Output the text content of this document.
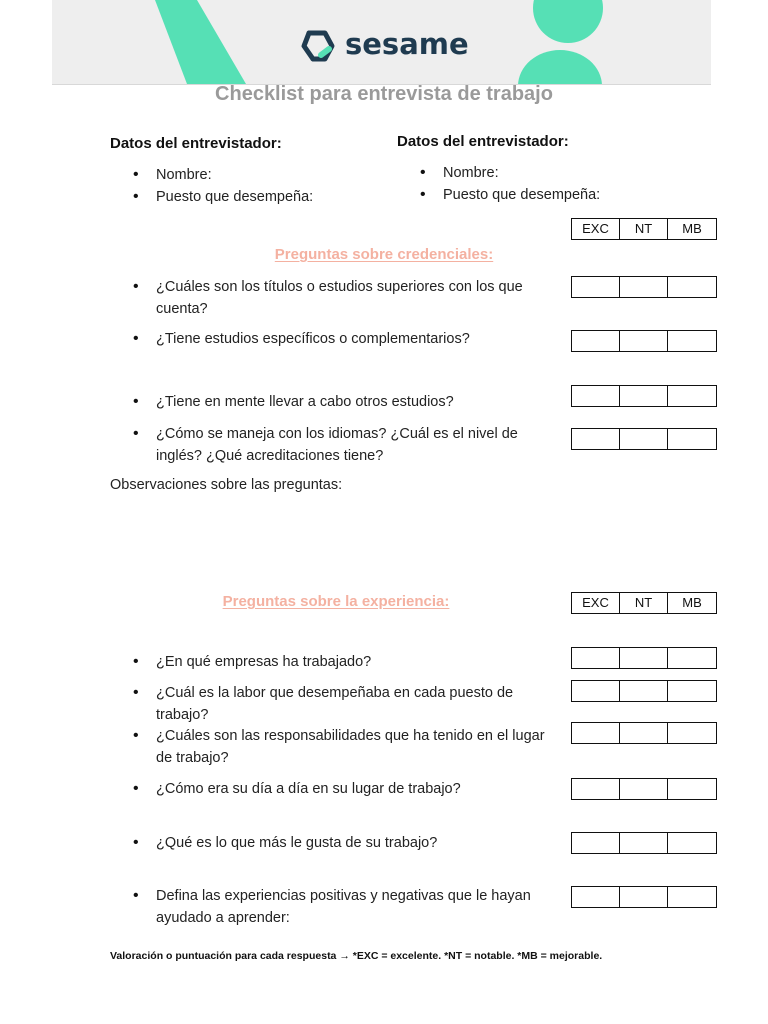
sesame
Checklist para entrevista de trabajo
Datos del entrevistador:
• Nombre:
• Puesto que desempeña:
Datos del entrevistador:
• Nombre:
• Puesto que desempeña:
EXC	NT	MB
Preguntas sobre credenciales:
• ¿Cuáles son los títulos o estudios superiores con los que cuenta?
• ¿Tiene estudios específicos o complementarios?
• ¿Tiene en mente llevar a cabo otros estudios?
• ¿Cómo se maneja con los idiomas? ¿Cuál es el nivel de inglés? ¿Qué acreditaciones tiene?
Observaciones sobre las preguntas:
Preguntas sobre la experiencia:	EXC	NT	MB
• ¿En qué empresas ha trabajado?
• ¿Cuál es la labor que desempeñaba en cada puesto de trabajo?
• ¿Cuáles son las responsabilidades que ha tenido en el lugar de trabajo?
• ¿Cómo era su día a día en su lugar de trabajo?
• ¿Qué es lo que más le gusta de su trabajo?
• Defina las experiencias positivas y negativas que le hayan ayudado a aprender:
Valoración o puntuación para cada respuesta → *EXC = excelente. *NT = notable. *MB = mejorable.
